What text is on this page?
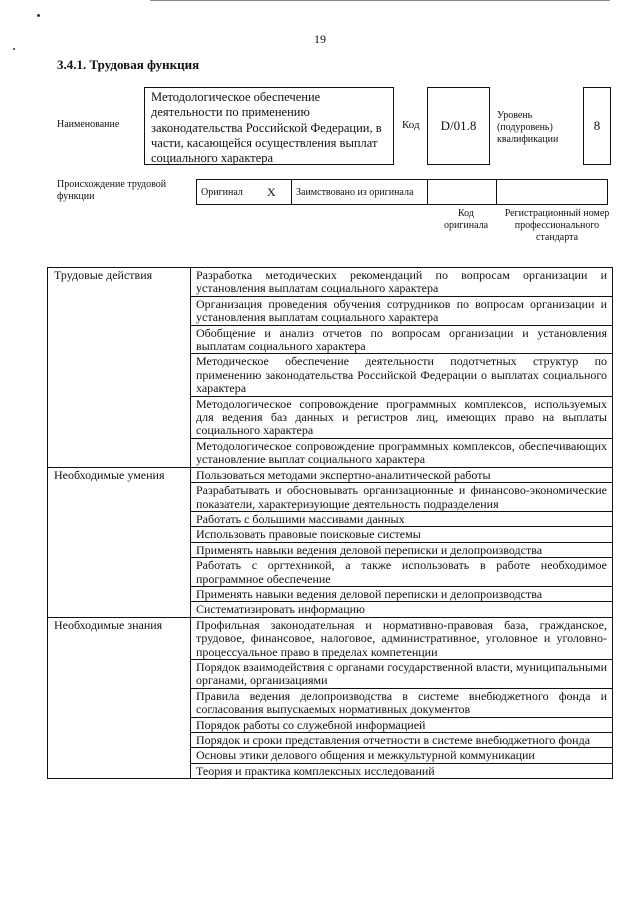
19
3.4.1. Трудовая функция
Наименование
Методологическое обеспечение деятельности по применению законодательства Российской Федерации, в части, касающейся осуществления выплат социального характера
Код	D/01.8
Уровень (подуровень) квалификации
8
Происхождение трудовой функции	Оригинал	X	Заимствовано из оригинала		
Код оригинала
Регистрационный номер профессионального стандарта
Трудовые действия	Разработка методических рекомендаций по вопросам организации и установления выплатам социального характера
	Организация проведения обучения сотрудников по вопросам организации и установления выплатам социального характера
	Обобщение и анализ отчетов по вопросам организации и установления выплатам социального характера
	Методическое обеспечение деятельности подотчетных структур по применению законодательства Российской Федерации о выплатах социального характера
	Методологическое сопровождение программных комплексов, используемых для ведения баз данных и регистров лиц, имеющих право на выплаты социального характера
	Методологическое сопровождение программных комплексов, обеспечивающих установление выплат социального характера
Необходимые умения	Пользоваться методами экспертно-аналитической работы
	Разрабатывать и обосновывать организационные и финансово-экономические показатели, характеризующие деятельность подразделения
	Работать с большими массивами данных
	Использовать правовые поисковые системы
	Применять навыки ведения деловой переписки и делопроизводства
	Работать с оргтехникой, а также использовать в работе необходимое программное обеспечение
	Применять навыки ведения деловой переписки и делопроизводства
	Систематизировать информацию
Необходимые знания	Профильная законодательная и нормативно-правовая база, гражданское, трудовое, финансовое, налоговое, административное, уголовное и уголовно-процессуальное право в пределах компетенции
	Порядок взаимодействия с органами государственной власти, муниципальными органами, организациями
	Правила ведения делопроизводства в системе внебюджетного фонда и согласования выпускаемых нормативных документов
	Порядок работы со служебной информацией
	Порядок и сроки представления отчетности в системе внебюджетного фонда
	Основы этики делового общения и межкультурной коммуникации
	Теория и практика комплексных исследований
